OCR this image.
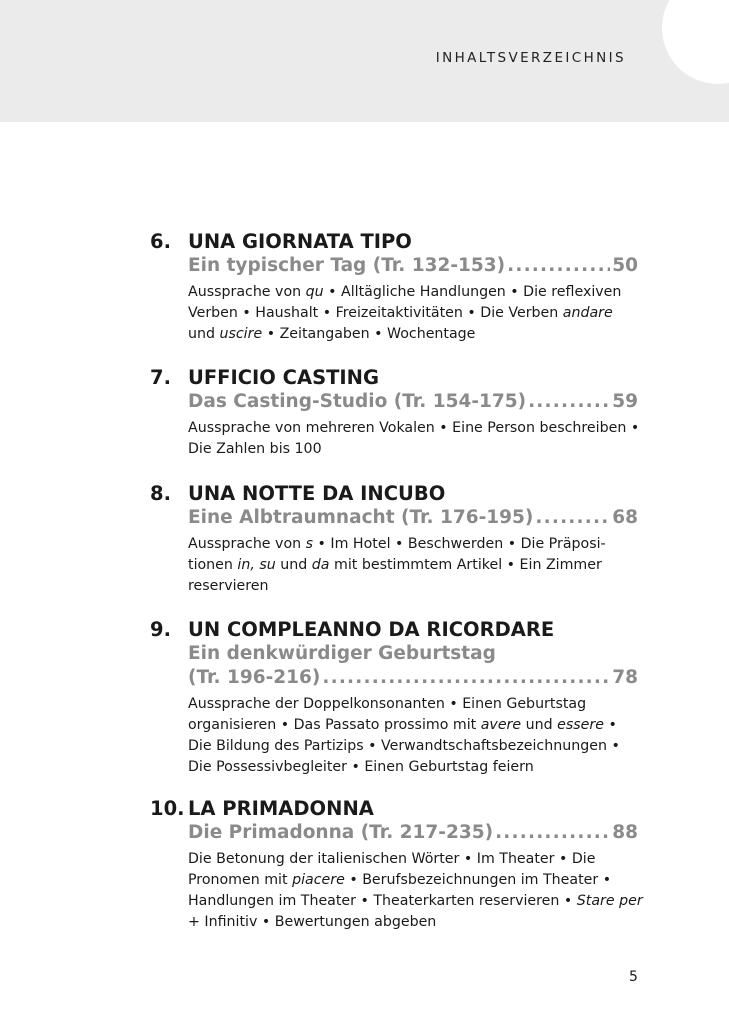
INHALTSVERZEICHNIS
6. UNA GIORNATA TIPO
Ein typischer Tag (Tr. 132-153) .....	50
Aussprache von qu • Alltägliche Handlungen • Die reflexiven Verben • Haushalt • Freizeitaktivitäten • Die Verben andare und uscire • Zeitangaben • Wochentage
7. UFFICIO CASTING
Das Casting-Studio (Tr. 154-175) .....	59
Aussprache von mehreren Vokalen • Eine Person beschreiben • Die Zahlen bis 100
8. UNA NOTTE DA INCUBO
Eine Albtraumnacht (Tr. 176-195) .....	68
Aussprache von s • Im Hotel • Beschwerden • Die Präpositionen in, su und da mit bestimmtem Artikel • Ein Zimmer reservieren
9. UN COMPLEANNO DA RICORDARE
Ein denkwürdiger Geburtstag
(Tr. 196-216) .....	78
Aussprache der Doppelkonsonanten • Einen Geburtstag organisieren • Das Passato prossimo mit avere und essere • Die Bildung des Partizips • Verwandtschaftsbezeichnungen • Die Possessivbegleiter • Einen Geburtstag feiern
10. LA PRIMADONNA
Die Primadonna (Tr. 217-235) .....	88
Die Betonung der italienischen Wörter • Im Theater • Die Pronomen mit piacere • Berufsbezeichnungen im Theater • Handlungen im Theater • Theaterkarten reservieren • Stare per + Infinitiv • Bewertungen abgeben
5
